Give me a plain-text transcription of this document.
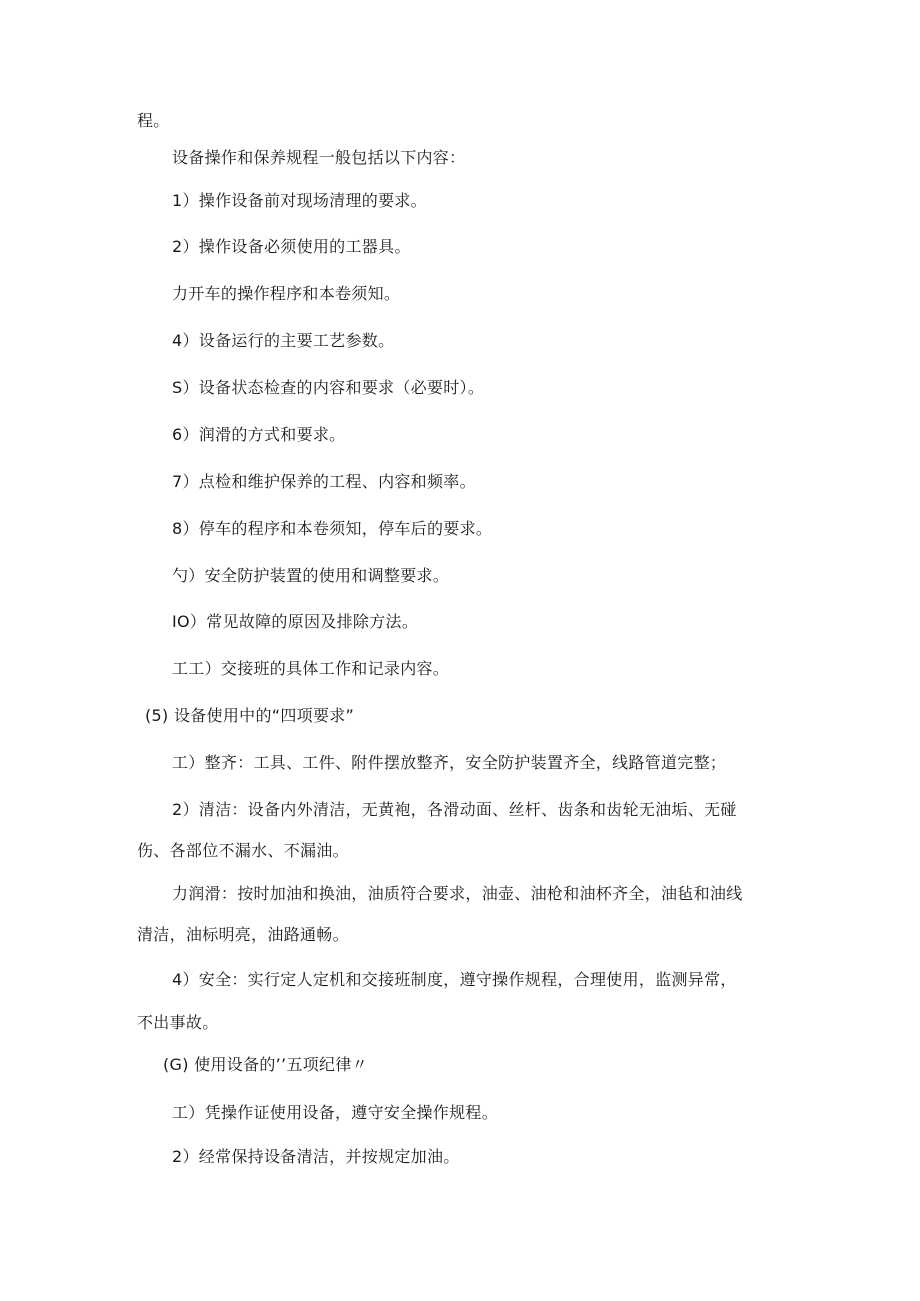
程。
设备操作和保养规程一般包括以下内容：
1）操作设备前对现场清理的要求。
2）操作设备必须使用的工器具。
力开车的操作程序和本卷须知。
4）设备运行的主要工艺参数。
S）设备状态检查的内容和要求（必要时）。
6）润滑的方式和要求。
7）点检和维护保养的工程、内容和频率。
8）停车的程序和本卷须知，停车后的要求。
勺）安全防护装置的使用和调整要求。
IO）常见故障的原因及排除方法。
工工）交接班的具体工作和记录内容。
(5) 设备使用中的“四项要求”
工）整齐：工具、工件、附件摆放整齐，安全防护装置齐全，线路管道完整；
2）清洁：设备内外清洁，无黄袍，各滑动面、丝杆、齿条和齿轮无油垢、无碰
伤、各部位不漏水、不漏油。
力润滑：按时加油和换油，油质符合要求，油壶、油枪和油杯齐全，油毡和油线
清洁，油标明亮，油路通畅。
4）安全：实行定人定机和交接班制度，遵守操作规程，合理使用，监测异常，
不出事故。
(G) 使用设备的’’五项纪律〃
工）凭操作证使用设备，遵守安全操作规程。
2）经常保持设备清洁，并按规定加油。
